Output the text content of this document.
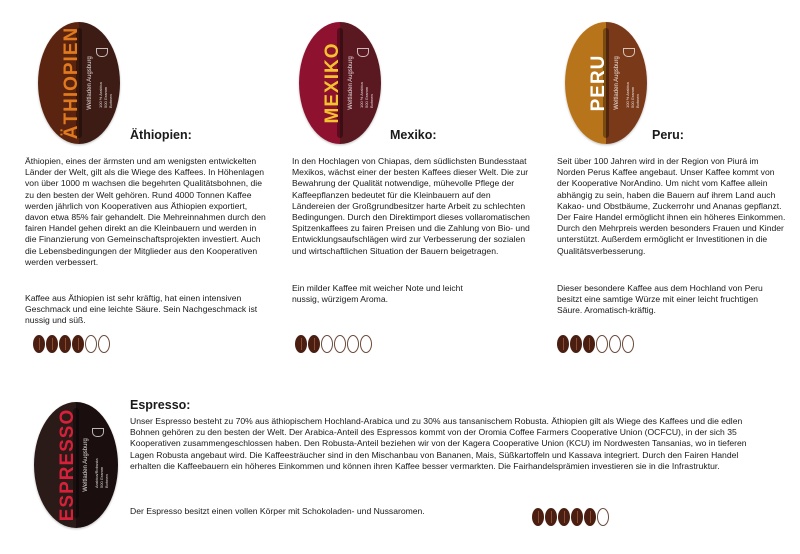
ÄTHIOPIEN Weltladen Augsburg 100 % Arabica
500 Gramm
Bohnen
Äthiopien:

Äthiopien, eines der ärmsten und am wenigsten entwickelten Länder der Welt, gilt als die Wiege des Kaffees. In Höhenlagen von über 1000 m wachsen die begehrten Qualitätsbohnen, die zu den besten der Welt gehören. Rund 4000 Tonnen Kaffee werden jährlich von Kooperativen aus Äthiopien exportiert, davon etwa 85% fair gehandelt. Die Mehreinnahmen durch den fairen Handel gehen direkt an die Kleinbauern und werden in die Finanzierung von Gemeinschaftsprojekten investiert. Auch die Lebensbedingungen der Mitglieder aus den Kooperativen werden verbessert.

Kaffee aus Äthiopien ist sehr kräftig, hat einen intensiven Geschmack und eine leichte Säure. Sein Nachgeschmack ist nussig und süß.

MEXIKO Weltladen Augsburg 100 % Arabica
500 Gramm
Bohnen
Mexiko:

In den Hochlagen von Chiapas, dem südlichsten Bundesstaat Mexikos, wächst einer der besten Kaffees dieser Welt. Die zur Bewahrung der Qualität notwendige, mühevolle Pflege der Kaffeepflanzen bedeutet für die Kleinbauern auf den Ländereien der Großgrundbesitzer harte Arbeit zu schlechten Bedingungen. Durch den Direktimport dieses vollaromatischen Spitzenkaffees zu fairen Preisen und die Zahlung von Bio- und Entwicklungsaufschlägen wird zur Verbesserung der sozialen und wirtschaftlichen Situation der Bauern beigetragen.

Ein milder Kaffee mit weicher Note und leicht nussig, würzigem Aroma.

PERU Weltladen Augsburg 100 % Arabica
500 Gramm
Bohnen
Peru:

Seit über 100 Jahren wird in der Region von Piurá im Norden Perus Kaffee angebaut. Unser Kaffee kommt von der Kooperative NorAndino. Um nicht vom Kaffee allein abhängig zu sein, haben die Bauern auf ihrem Land auch Kakao- und Obstbäume, Zuckerrohr und Ananas gepflanzt. Der Faire Handel ermöglicht ihnen ein höheres Einkommen. Durch den Mehrpreis werden besonders Frauen und Kinder unterstützt. Außerdem ermöglicht er Investitionen in die Qualitätsverbesserung.

Dieser besondere Kaffee aus dem Hochland von Peru besitzt eine samtige Würze mit einer leicht fruchtigen Säure. Aromatisch-kräftig.

ESPRESSO Weltladen Augsburg Arabica/Robusta
500 Gramm
Bohnen
Espresso:

Unser Espresso besteht zu 70% aus äthiopischem Hochland-Arabica und zu 30% aus tansanischem Robusta. Äthiopien gilt als Wiege des Kaffees und die edlen Bohnen gehören zu den besten der Welt. Der Arabica-Anteil des Espressos kommt von der Oromia Coffee Farmers Cooperative Union (OCFCU), in der sich 35 Kooperativen zusammengeschlossen haben. Den Robusta-Anteil beziehen wir von der Kagera Cooperative Union (KCU) im Nordwesten Tansanias, wo in tieferen Lagen Robusta angebaut wird. Die Kaffeesträucher sind in den Mischanbau von Bananen, Mais, Süßkartoffeln und Kassava integriert. Durch den Fairen Handel erhalten die Kaffeebauern ein höheres Einkommen und können ihren Kaffee besser vermarkten. Die Fairhandelsprämien investieren sie in die Infrastruktur.

Der Espresso besitzt einen vollen Körper mit Schokoladen- und Nussaromen.
